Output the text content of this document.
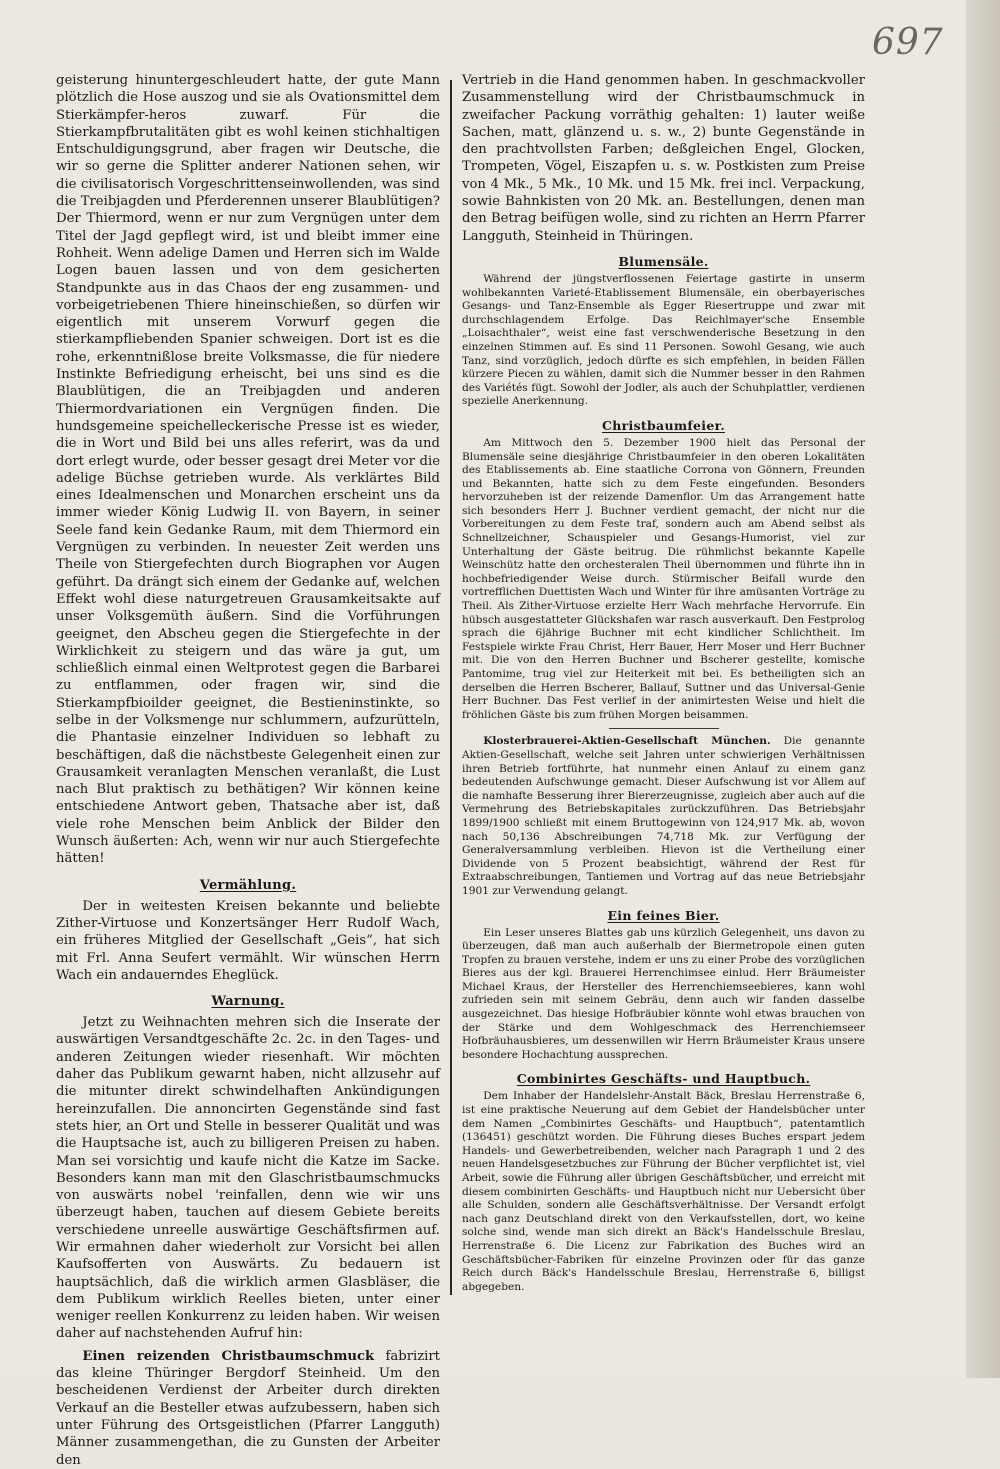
697

geisterung hinuntergeschleudert hatte, der gute Mann plötzlich die Hose auszog und sie als Ovationsmittel dem Stierkämpfer-heros zuwarf. Für die Stierkampfbrutalitäten gibt es wohl keinen stichhaltigen Entschuldigungsgrund, aber fragen wir Deutsche, die wir so gerne die Splitter anderer Nationen sehen, wir die civilisatorisch Vorgeschrittenseinwollenden, was sind die Treibjagden und Pferderennen unserer Blaublütigen? Der Thiermord, wenn er nur zum Vergnügen unter dem Titel der Jagd gepflegt wird, ist und bleibt immer eine Rohheit. Wenn adelige Damen und Herren sich im Walde Logen bauen lassen und von dem gesicherten Standpunkte aus in das Chaos der eng zusammen- und vorbeigetriebenen Thiere hineinschießen, so dürfen wir eigentlich mit unserem Vorwurf gegen die stierkampfliebenden Spanier schweigen. Dort ist es die rohe, erkenntnißlose breite Volksmasse, die für niedere Instinkte Befriedigung erheischt, bei uns sind es die Blaublütigen, die an Treibjagden und anderen Thiermordvariationen ein Vergnügen finden. Die hundsgemeine speichelleckerische Presse ist es wieder, die in Wort und Bild bei uns alles referirt, was da und dort erlegt wurde, oder besser gesagt drei Meter vor die adelige Büchse getrieben wurde. Als verklärtes Bild eines Idealmenschen und Monarchen erscheint uns da immer wieder König Ludwig II. von Bayern, in seiner Seele fand kein Gedanke Raum, mit dem Thiermord ein Vergnügen zu verbinden. In neuester Zeit werden uns Theile von Stiergefechten durch Biographen vor Augen geführt. Da drängt sich einem der Gedanke auf, welchen Effekt wohl diese naturgetreuen Grausamkeitsakte auf unser Volksgemüth äußern. Sind die Vorführungen geeignet, den Abscheu gegen die Stiergefechte in der Wirklichkeit zu steigern und das wäre ja gut, um schließlich einmal einen Weltprotest gegen die Barbarei zu entflammen, oder fragen wir, sind die Stierkampfbioilder geeignet, die Bestieninstinkte, so selbe in der Volksmenge nur schlummern, aufzurütteln, die Phantasie einzelner Individuen so lebhaft zu beschäftigen, daß die nächstbeste Gelegenheit einen zur Grausamkeit veranlagten Menschen veranlaßt, die Lust nach Blut praktisch zu bethätigen? Wir können keine entschiedene Antwort geben, Thatsache aber ist, daß viele rohe Menschen beim Anblick der Bilder den Wunsch äußerten: Ach, wenn wir nur auch Stiergefechte hätten!

Vermählung.

Der in weitesten Kreisen bekannte und beliebte Zither-Virtuose und Konzertsänger Herr Rudolf Wach, ein früheres Mitglied der Gesellschaft „Geis“, hat sich mit Frl. Anna Seufert vermählt. Wir wünschen Herrn Wach ein andauerndes Eheglück.

Warnung.

Jetzt zu Weihnachten mehren sich die Inserate der auswärtigen Versandtgeschäfte 2c. 2c. in den Tages- und anderen Zeitungen wieder riesenhaft. Wir möchten daher das Publikum gewarnt haben, nicht allzusehr auf die mitunter direkt schwindelhaften Ankündigungen hereinzufallen. Die annoncirten Gegenstände sind fast stets hier, an Ort und Stelle in besserer Qualität und was die Hauptsache ist, auch zu billigeren Preisen zu haben. Man sei vorsichtig und kaufe nicht die Katze im Sacke. Besonders kann man mit den Glaschristbaumschmucks von auswärts nobel 'reinfallen, denn wie wir uns überzeugt haben, tauchen auf diesem Gebiete bereits verschiedene unreelle auswärtige Geschäftsfirmen auf. Wir ermahnen daher wiederholt zur Vorsicht bei allen Kaufsofferten von Auswärts. Zu bedauern ist hauptsächlich, daß die wirklich armen Glasbläser, die dem Publikum wirklich Reelles bieten, unter einer weniger reellen Konkurrenz zu leiden haben. Wir weisen daher auf nachstehenden Aufruf hin:

Einen reizenden Christbaumschmuck fabrizirt das kleine Thüringer Bergdorf Steinheid. Um den bescheidenen Verdienst der Arbeiter durch direkten Verkauf an die Besteller etwas aufzubessern, haben sich unter Führung des Ortsgeistlichen (Pfarrer Langguth) Männer zusammengethan, die zu Gunsten der Arbeiter den

Vertrieb in die Hand genommen haben. In geschmackvoller Zusammenstellung wird der Christbaumschmuck in zweifacher Packung vorräthig gehalten: 1) lauter weiße Sachen, matt, glänzend u. s. w., 2) bunte Gegenstände in den prachtvollsten Farben; deßgleichen Engel, Glocken, Trompeten, Vögel, Eiszapfen u. s. w. Postkisten zum Preise von 4 Mk., 5 Mk., 10 Mk. und 15 Mk. frei incl. Verpackung, sowie Bahnkisten von 20 Mk. an. Bestellungen, denen man den Betrag beifügen wolle, sind zu richten an Herrn Pfarrer Langguth, Steinheid in Thüringen.

Blumensäle.

Während der jüngstverflossenen Feiertage gastirte in unserm wohlbekannten Varieté-Etablissement Blumensäle, ein oberbayerisches Gesangs- und Tanz-Ensemble als Egger Riesertruppe und zwar mit durchschlagendem Erfolge. Das Reichlmayer'sche Ensemble „Loisachthaler“, weist eine fast verschwenderische Besetzung in den einzelnen Stimmen auf. Es sind 11 Personen. Sowohl Gesang, wie auch Tanz, sind vorzüglich, jedoch dürfte es sich empfehlen, in beiden Fällen kürzere Piecen zu wählen, damit sich die Nummer besser in den Rahmen des Variétés fügt. Sowohl der Jodler, als auch der Schuhplattler, verdienen spezielle Anerkennung.

Christbaumfeier.

Am Mittwoch den 5. Dezember 1900 hielt das Personal der Blumensäle seine diesjährige Christbaumfeier in den oberen Lokalitäten des Etablissements ab. Eine staatliche Corrona von Gönnern, Freunden und Bekannten, hatte sich zu dem Feste eingefunden. Besonders hervorzuheben ist der reizende Damenflor. Um das Arrangement hatte sich besonders Herr J. Buchner verdient gemacht, der nicht nur die Vorbereitungen zu dem Feste traf, sondern auch am Abend selbst als Schnellzeichner, Schauspieler und Gesangs-Humorist, viel zur Unterhaltung der Gäste beitrug. Die rühmlichst bekannte Kapelle Weinschütz hatte den orchesteralen Theil übernommen und führte ihn in hochbefriedigender Weise durch. Stürmischer Beifall wurde den vortrefflichen Duettisten Wach und Winter für ihre amüsanten Vorträge zu Theil. Als Zither-Virtuose erzielte Herr Wach mehrfache Hervorrufe. Ein hübsch ausgestatteter Glückshafen war rasch ausverkauft. Den Festprolog sprach die 6jährige Buchner mit echt kindlicher Schlichtheit. Im Festspiele wirkte Frau Christ, Herr Bauer, Herr Moser und Herr Buchner mit. Die von den Herren Buchner und Bscherer gestellte, komische Pantomime, trug viel zur Heiterkeit mit bei. Es betheiligten sich an derselben die Herren Bscherer, Ballauf, Suttner und das Universal-Genie Herr Buchner. Das Fest verlief in der animirtesten Weise und hielt die fröhlichen Gäste bis zum frühen Morgen beisammen.

Klosterbrauerei-Aktien-Gesellschaft München. Die genannte Aktien-Gesellschaft, welche seit Jahren unter schwierigen Verhältnissen ihren Betrieb fortführte, hat nunmehr einen Anlauf zu einem ganz bedeutenden Aufschwunge gemacht. Dieser Aufschwung ist vor Allem auf die namhafte Besserung ihrer Biererzeugnisse, zugleich aber auch auf die Vermehrung des Betriebskapitales zurückzuführen. Das Betriebsjahr 1899/1900 schließt mit einem Bruttogewinn von 124,917 Mk. ab, wovon nach 50,136 Abschreibungen 74,718 Mk. zur Verfügung der Generalversammlung verbleiben. Hievon ist die Vertheilung einer Dividende von 5 Prozent beabsichtigt, während der Rest für Extraabschreibungen, Tantiemen und Vortrag auf das neue Betriebsjahr 1901 zur Verwendung gelangt.

Ein feines Bier.

Ein Leser unseres Blattes gab uns kürzlich Gelegenheit, uns davon zu überzeugen, daß man auch außerhalb der Biermetropole einen guten Tropfen zu brauen verstehe, indem er uns zu einer Probe des vorzüglichen Bieres aus der kgl. Brauerei Herrenchimsee einlud. Herr Bräumeister Michael Kraus, der Hersteller des Herrenchiemseebieres, kann wohl zufrieden sein mit seinem Gebräu, denn auch wir fanden dasselbe ausgezeichnet. Das hiesige Hofbräubier könnte wohl etwas brauchen von der Stärke und dem Wohlgeschmack des Herrenchiemseer Hofbräuhausbieres, um dessenwillen wir Herrn Bräumeister Kraus unsere besondere Hochachtung aussprechen.

Combinirtes Geschäfts- und Hauptbuch.

Dem Inhaber der Handelslehr-Anstalt Bäck, Breslau Herrenstraße 6, ist eine praktische Neuerung auf dem Gebiet der Handelsbücher unter dem Namen „Combinirtes Geschäfts- und Hauptbuch“, patentamtlich (136451) geschützt worden. Die Führung dieses Buches erspart jedem Handels- und Gewerbetreibenden, welcher nach Paragraph 1 und 2 des neuen Handelsgesetzbuches zur Führung der Bücher verpflichtet ist, viel Arbeit, sowie die Führung aller übrigen Geschäftsbücher, und erreicht mit diesem combinirten Geschäfts- und Hauptbuch nicht nur Uebersicht über alle Schulden, sondern alle Geschäftsverhältnisse. Der Versandt erfolgt nach ganz Deutschland direkt von den Verkaufsstellen, dort, wo keine solche sind, wende man sich direkt an Bäck's Handelsschule Breslau, Herrenstraße 6. Die Licenz zur Fabrikation des Buches wird an Geschäftsbücher-Fabriken für einzelne Provinzen oder für das ganze Reich durch Bäck's Handelsschule Breslau, Herrenstraße 6, billigst abgegeben.
